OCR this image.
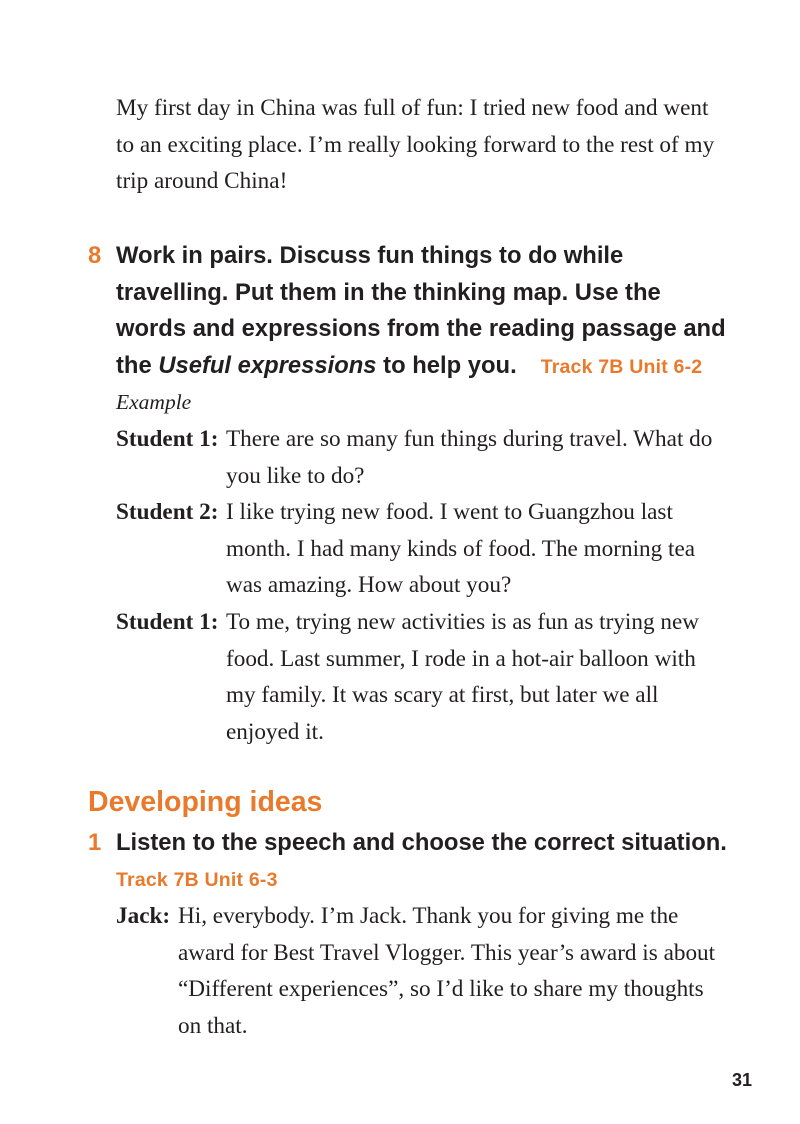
My first day in China was full of fun: I tried new food and went
to an exciting place. I’m really looking forward to the rest of my
trip around China!
8 Work in pairs. Discuss fun things to do while
travelling. Put them in the thinking map. Use the
words and expressions from the reading passage and
the Useful expressions to help you. Track 7B Unit 6-2
Example
Student 1: There are so many fun things during travel. What do
you like to do?
Student 2: I like trying new food. I went to Guangzhou last
month. I had many kinds of food. The morning tea
was amazing. How about you?
Student 1: To me, trying new activities is as fun as trying new
food. Last summer, I rode in a hot-air balloon with
my family. It was scary at first, but later we all
enjoyed it.
Developing ideas
1 Listen to the speech and choose the correct situation.
Track 7B Unit 6-3
Jack: Hi, everybody. I’m Jack. Thank you for giving me the
award for Best Travel Vlogger. This year’s award is about
“Different experiences”, so I’d like to share my thoughts
on that.
31
